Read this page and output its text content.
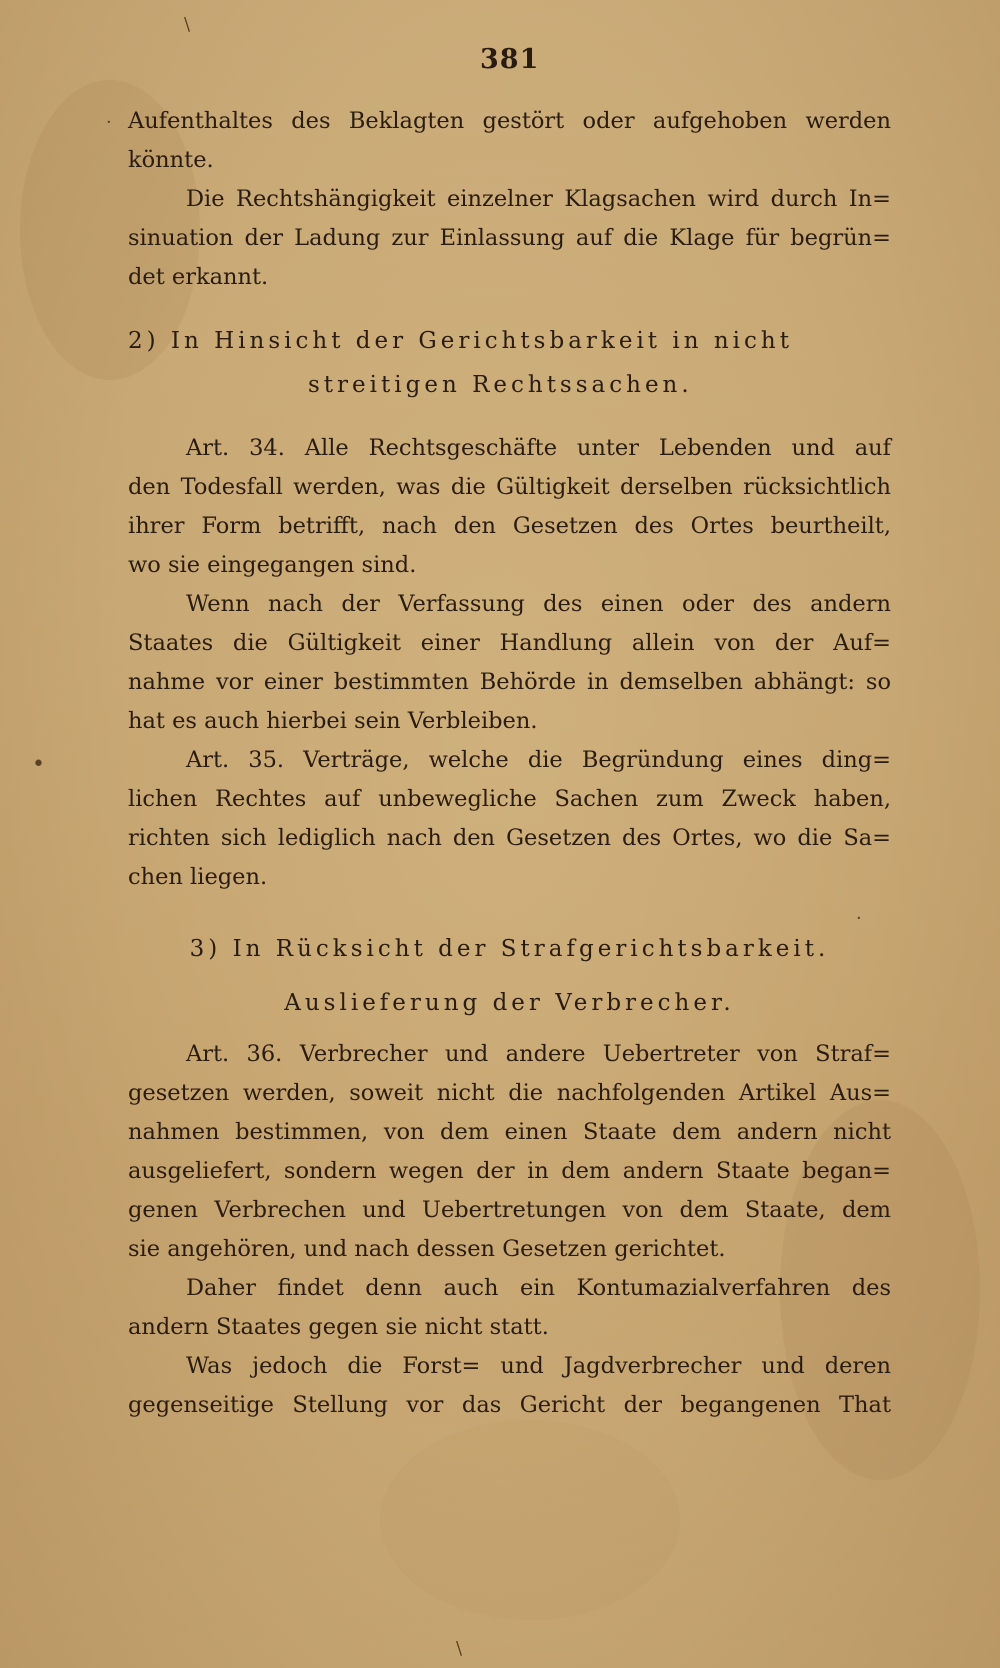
\
·
•
·
\
381
Aufenthaltes des Beklagten gestört oder aufgehoben werden
könnte.
Die Rechtshängigkeit einzelner Klagsachen wird durch In=
sinuation der Ladung zur Einlassung auf die Klage für begrün=
det erkannt.
2) In Hinsicht der Gerichtsbarkeit in nicht
streitigen Rechtssachen.
Art. 34. Alle Rechtsgeschäfte unter Lebenden und auf
den Todesfall werden, was die Gültigkeit derselben rücksichtlich
ihrer Form betrifft, nach den Gesetzen des Ortes beurtheilt,
wo sie eingegangen sind.
Wenn nach der Verfassung des einen oder des andern
Staates die Gültigkeit einer Handlung allein von der Auf=
nahme vor einer bestimmten Behörde in demselben abhängt: so
hat es auch hierbei sein Verbleiben.
Art. 35. Verträge, welche die Begründung eines ding=
lichen Rechtes auf unbewegliche Sachen zum Zweck haben,
richten sich lediglich nach den Gesetzen des Ortes, wo die Sa=
chen liegen.
3) In Rücksicht der Strafgerichtsbarkeit.
Auslieferung der Verbrecher.
Art. 36. Verbrecher und andere Uebertreter von Straf=
gesetzen werden, soweit nicht die nachfolgenden Artikel Aus=
nahmen bestimmen, von dem einen Staate dem andern nicht
ausgeliefert, sondern wegen der in dem andern Staate began=
genen Verbrechen und Uebertretungen von dem Staate, dem
sie angehören, und nach dessen Gesetzen gerichtet.
Daher findet denn auch ein Kontumazialverfahren des
andern Staates gegen sie nicht statt.
Was jedoch die Forst= und Jagdverbrecher und deren
gegenseitige Stellung vor das Gericht der begangenen That
